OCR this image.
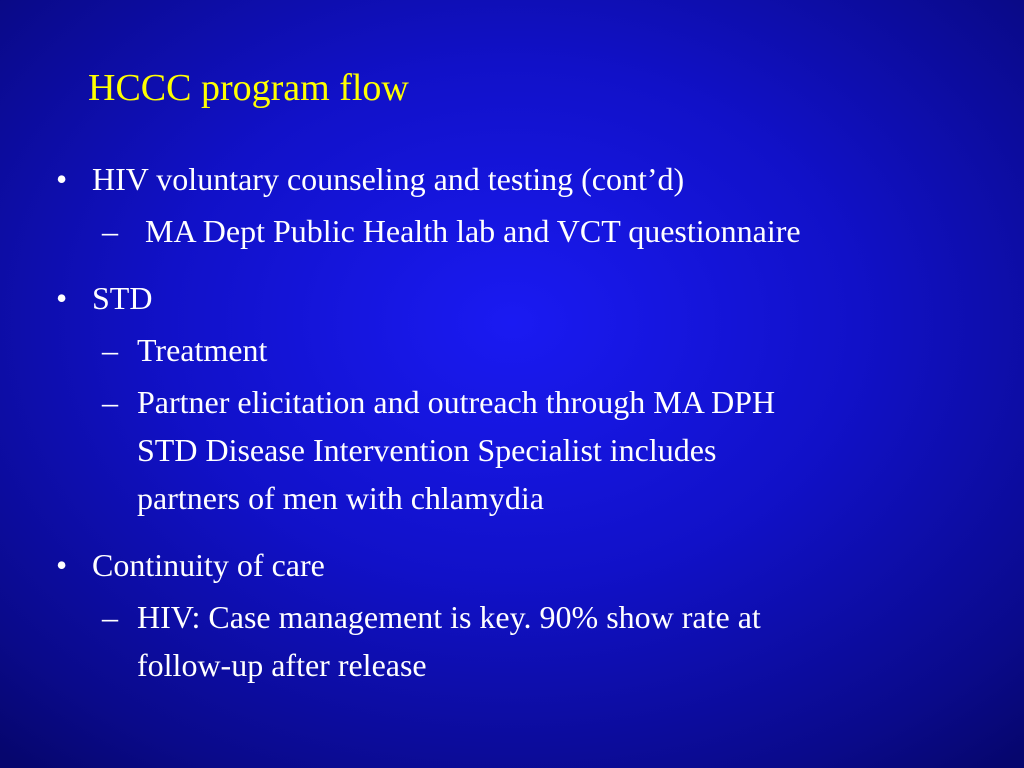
HCCC program flow
• HIV voluntary counseling and testing (cont’d)
– MA Dept Public Health lab and VCT questionnaire
• STD
– Treatment
– Partner elicitation and outreach through MA DPH
STD Disease Intervention Specialist includes
partners of men with chlamydia
• Continuity of care
– HIV: Case management is key. 90% show rate at
follow-up after release
